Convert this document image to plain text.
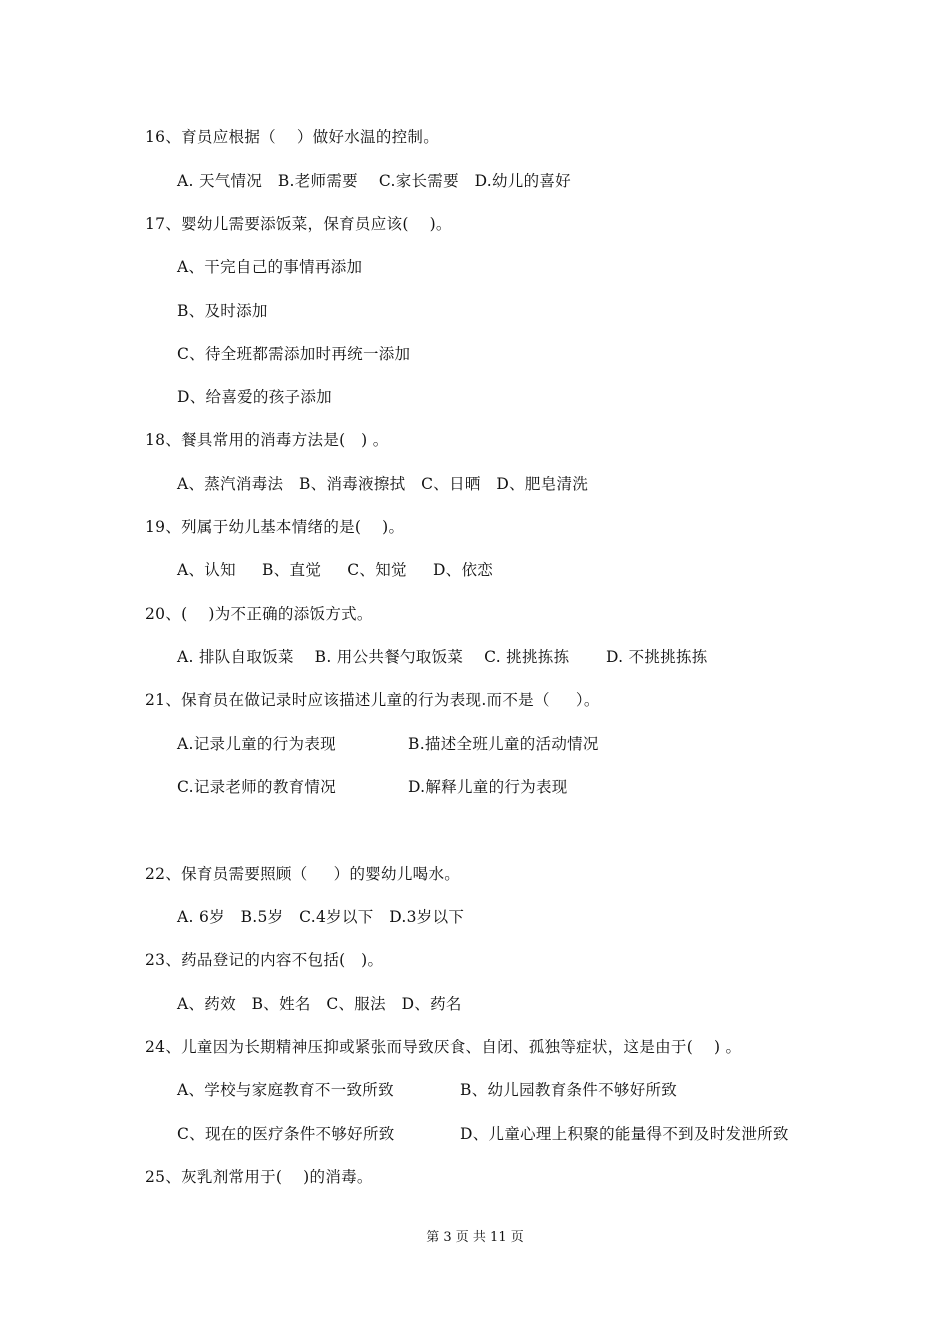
16、育员应根据（    ）做好水温的控制。
A. 天气情况   B.老师需要    C.家长需要   D.幼儿的喜好
17、婴幼儿需要添饭菜，保育员应该(    )。
A、干完自己的事情再添加
B、及时添加
C、待全班都需添加时再统一添加
D、给喜爱的孩子添加
18、餐具常用的消毒方法是(   ) 。
A、蒸汽消毒法   B、消毒液擦拭   C、日晒   D、肥皂清洗
19、列属于幼儿基本情绪的是(    )。
A、认知     B、直觉     C、知觉     D、依恋
20、(    )为不正确的添饭方式。
A. 排队自取饭菜    B. 用公共餐勺取饭菜    C. 挑挑拣拣       D. 不挑挑拣拣
21、保育员在做记录时应该描述儿童的行为表现.而不是（     ）。
A.记录儿童的行为表现	B.描述全班儿童的活动情况
C.记录老师的教育情况	D.解释儿童的行为表现
22、保育员需要照顾（     ）的婴幼儿喝水。
A. 6岁   B.5岁   C.4岁以下   D.3岁以下
23、药品登记的内容不包括(   )。
A、药效   B、姓名   C、服法   D、药名
24、儿童因为长期精神压抑或紧张而导致厌食、自闭、孤独等症状，这是由于(    ) 。
A、学校与家庭教育不一致所致	B、幼儿园教育条件不够好所致
C、现在的医疗条件不够好所致	D、儿童心理上积聚的能量得不到及时发泄所致
25、灰乳剂常用于(    )的消毒。
第 3 页 共 11 页
